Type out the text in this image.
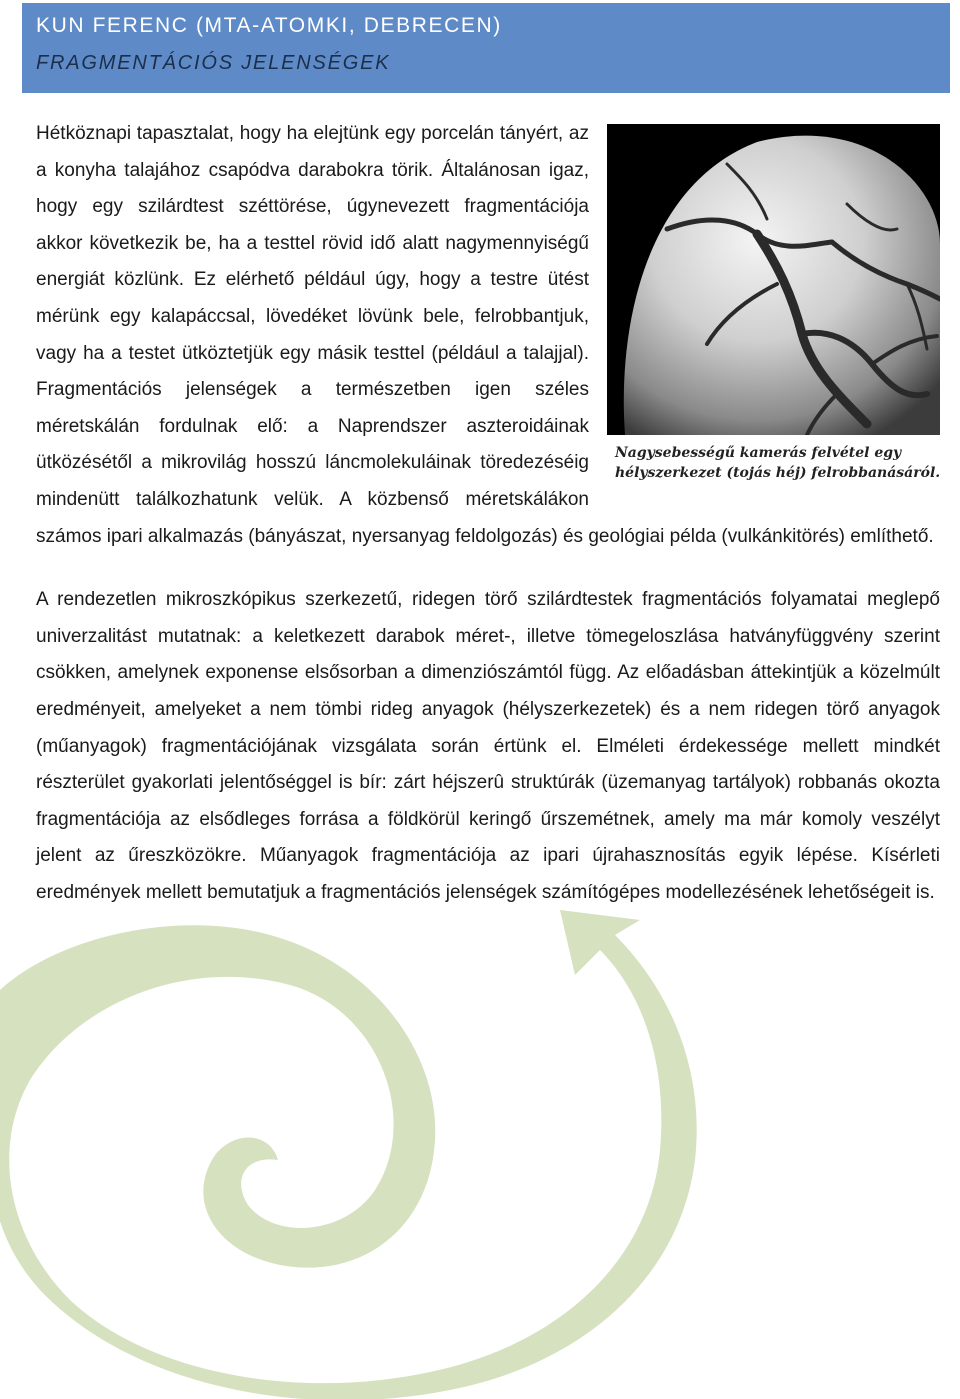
KUN FERENC (MTA-ATOMKI, DEBRECEN)
FRAGMENTÁCIÓS JELENSÉGEK
Nagysebességű kamerás felvétel egy
hélyszerkezet (tojás héj) felrobbanásáról.

Hétköznapi tapasztalat, hogy ha elejtünk egy porcelán tányért, az a konyha talajához csapódva darabokra törik. Általánosan igaz, hogy egy szilárdtest széttörése, úgynevezett fragmentációja akkor következik be, ha a testtel rövid idő alatt nagymennyiségű energiát közlünk. Ez elérhető például úgy, hogy a testre ütést mérünk egy kalapáccsal, lövedéket lövünk bele, felrobbantjuk, vagy ha a testet ütköztetjük egy másik testtel (például a talajjal). Fragmentációs jelenségek a természetben igen széles méretskálán fordulnak elő: a Naprendszer aszteroidáinak ütközésétől a mikrovilág hosszú láncmolekuláinak töredezéséig mindenütt találkozhatunk velük. A közbenső méretskálákon számos ipari alkalmazás (bányászat, nyersanyag feldolgozás) és geológiai példa (vulkánkitörés) említhető.

A rendezetlen mikroszkópikus szerkezetű, ridegen törő szilárdtestek fragmentációs folyamatai meglepő univerzalitást mutatnak: a keletkezett darabok méret-, illetve tömegeloszlása hatványfüggvény szerint csökken, amelynek exponense elsősorban a dimenziószámtól függ. Az előadásban áttekintjük a közelmúlt eredményeit, amelyeket a nem tömbi rideg anyagok (hélyszerkezetek) és a nem ridegen törő anyagok (műanyagok) fragmentációjának vizsgálata során értünk el. Elméleti érdekessége mellett mindkét részterület gyakorlati jelentőséggel is bír: zárt héjszerû struktúrák (üzemanyag tartályok) robbanás okozta fragmentációja az elsődleges forrása a földkörül keringő űrszemétnek, amely ma már komoly veszélyt jelent az űreszközökre. Műanyagok fragmentációja az ipari újrahasznosítás egyik lépése. Kísérleti eredmények mellett bemutatjuk a fragmentációs jelenségek számítógépes modellezésének lehetőségeit is.
